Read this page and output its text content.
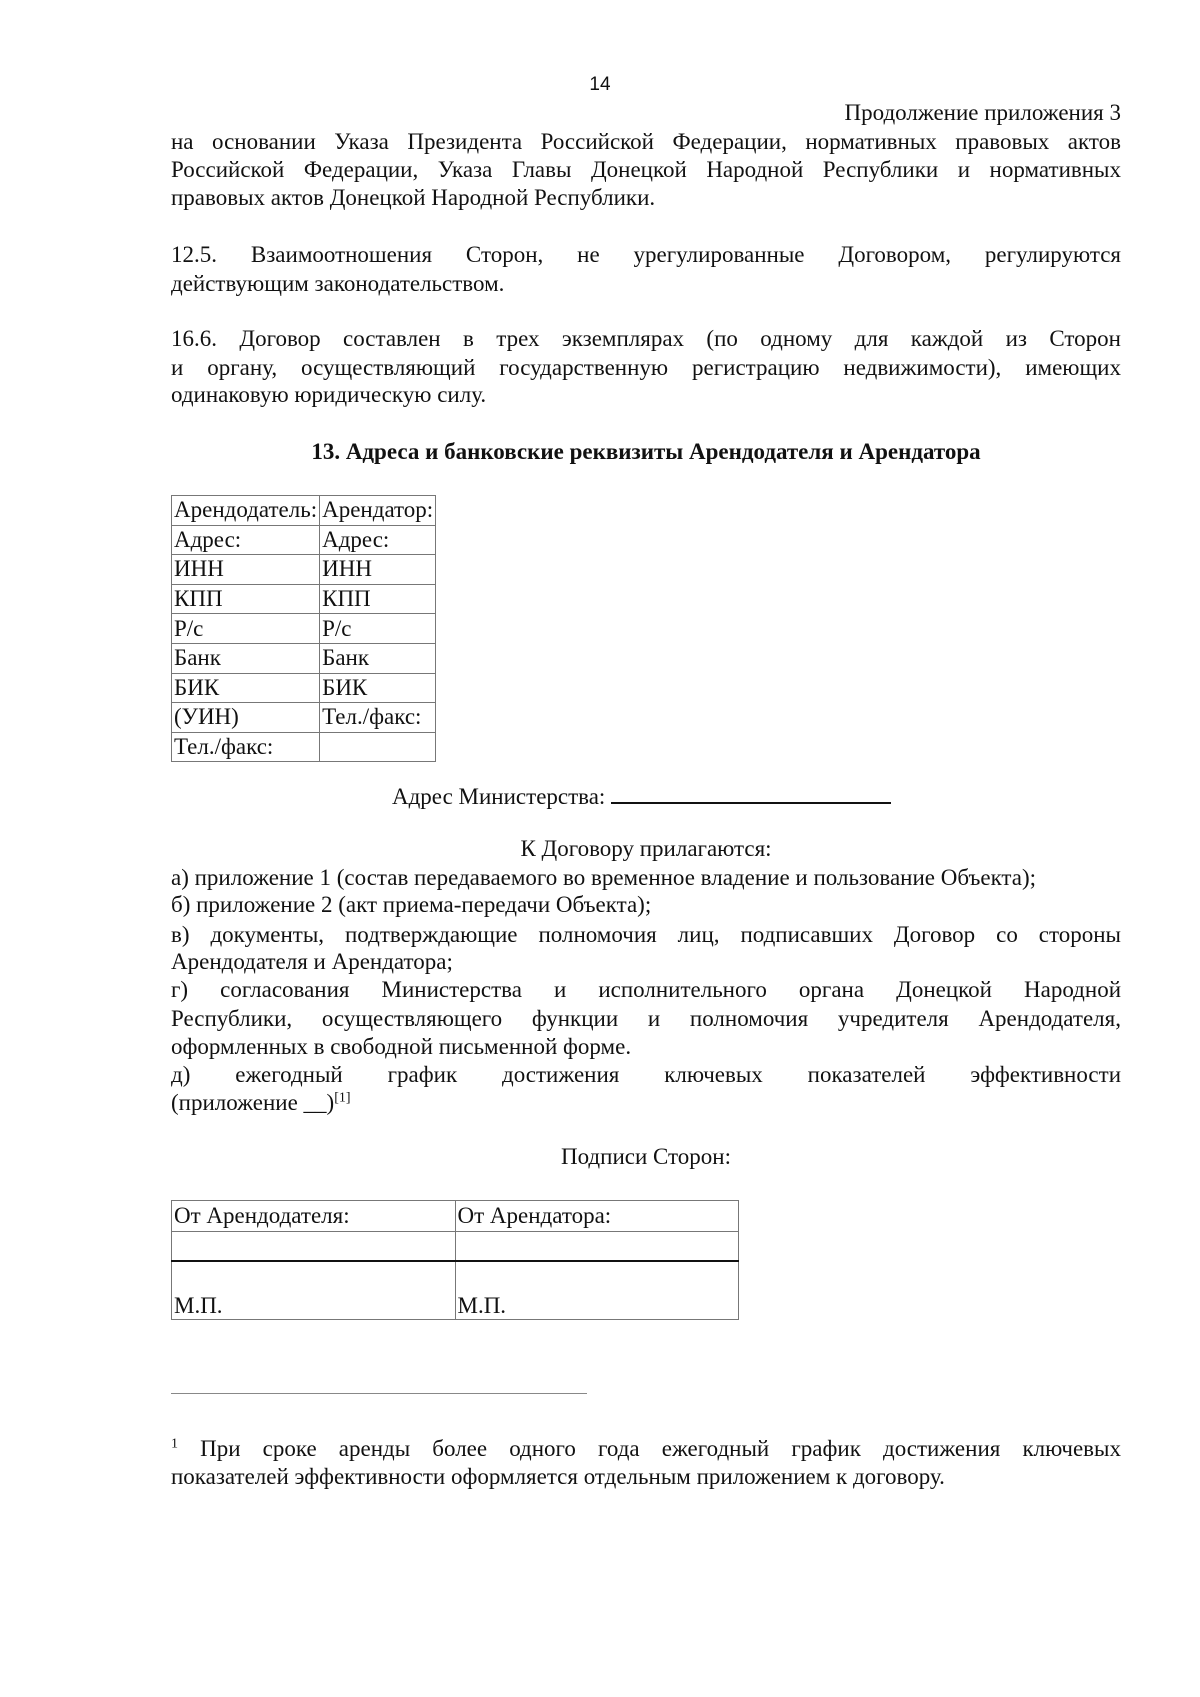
14
Продолжение приложения 3
на основании Указа Президента Российской Федерации, нормативных правовых актов
Российской Федерации, Указа Главы Донецкой Народной Республики и нормативных
правовых актов Донецкой Народной Республики.
12.5. Взаимоотношения Сторон, не урегулированные Договором, регулируются
действующим законодательством.
16.6. Договор составлен в трех экземплярах (по одному для каждой из Сторон
и органу, осуществляющий государственную регистрацию недвижимости), имеющих
одинаковую юридическую силу.
13. Адреса и банковские реквизиты Арендодателя и Арендатора
Арендодатель:	Арендатор:
Адрес:	Адрес:
ИНН	ИНН
КПП	КПП
Р/с	Р/с
Банк	Банк
БИК	БИК
(УИН)	Тел./факс:
Тел./факс:	
Адрес Министерства:
К Договору прилагаются:
а) приложение 1 (состав передаваемого во временное владение и пользование Объекта);
б) приложение 2 (акт приема-передачи Объекта);
в) документы, подтверждающие полномочия лиц, подписавших Договор со стороны
Арендодателя и Арендатора;
г) согласования Министерства и исполнительного органа Донецкой Народной
Республики, осуществляющего функции и полномочия учредителя Арендодателя,
оформленных в свободной письменной форме.
д) ежегодный график достижения ключевых показателей эффективности
(приложение __)[1]
Подписи Сторон:
От Арендодателя:	От Арендатора:

М.П.	М.П.
$^1$ При сроке аренды более одного года ежегодный график достижения ключевых
показателей эффективности оформляется отдельным приложением к договору.
